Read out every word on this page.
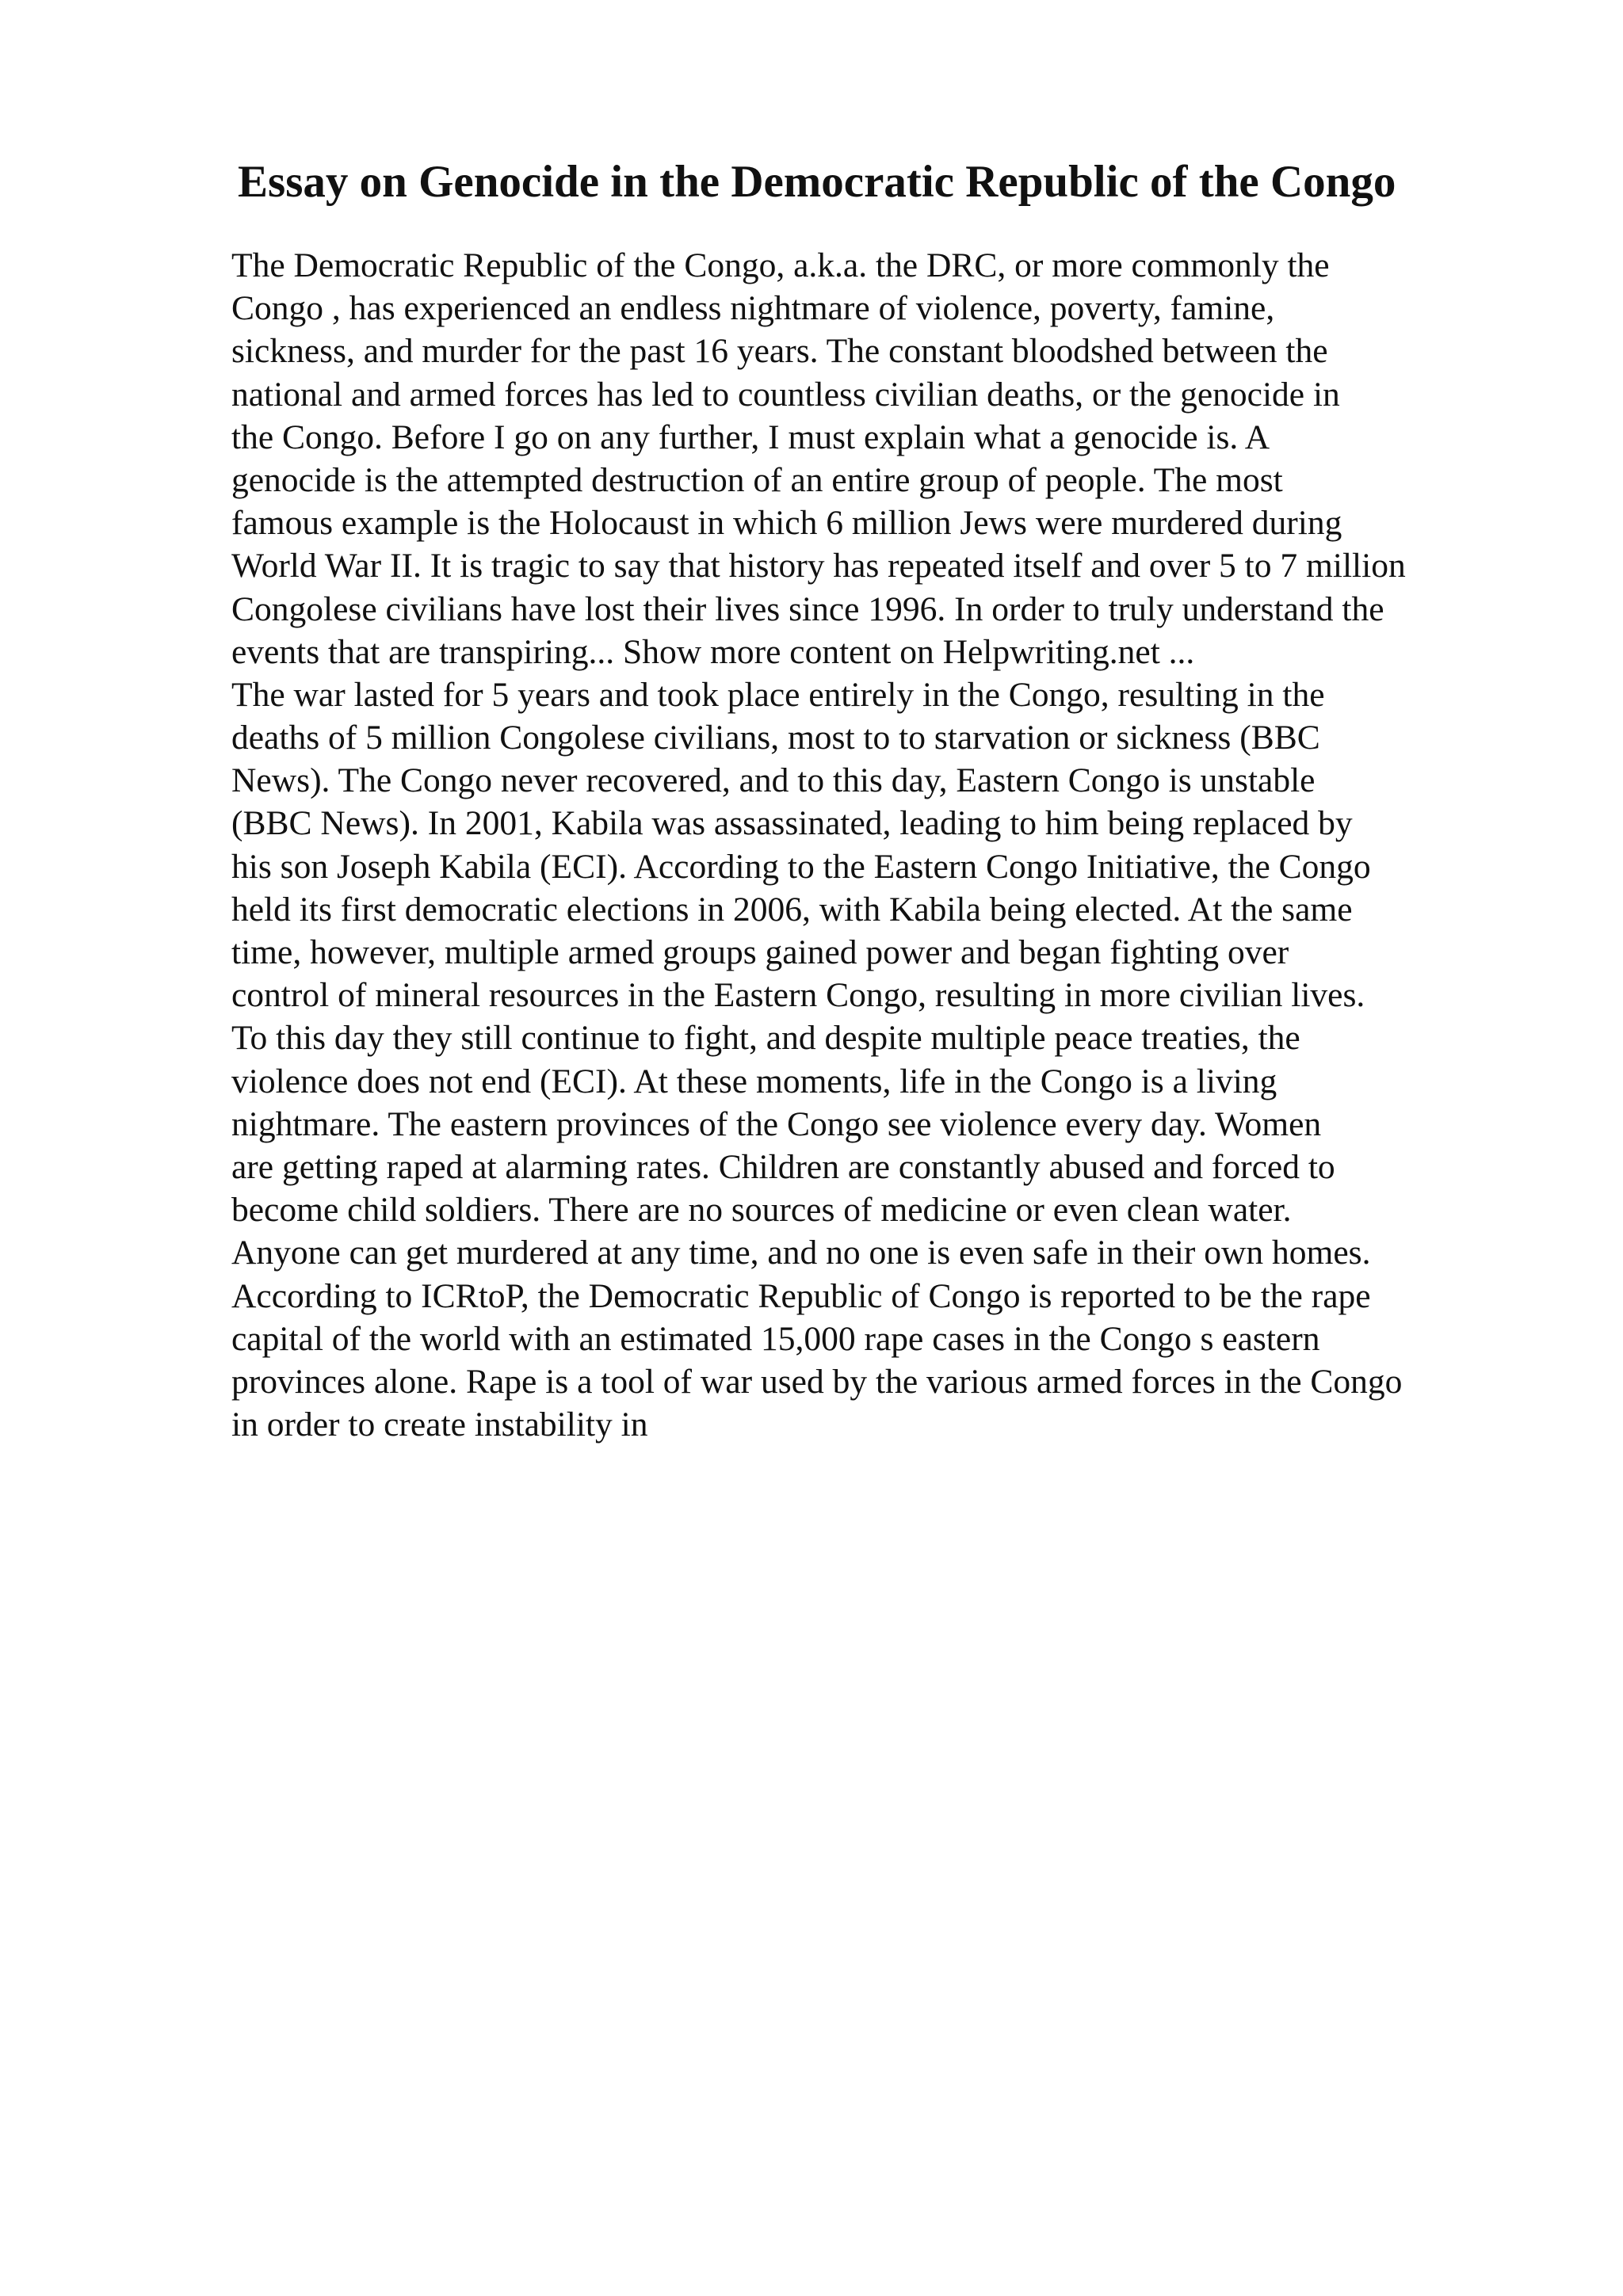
Essay on Genocide in the Democratic Republic of the Congo
The Democratic Republic of the Congo, a.k.a. the DRC, or more commonly the
Congo , has experienced an endless nightmare of violence, poverty, famine,
sickness, and murder for the past 16 years. The constant bloodshed between the
national and armed forces has led to countless civilian deaths, or the genocide in
the Congo. Before I go on any further, I must explain what a genocide is. A
genocide is the attempted destruction of an entire group of people. The most
famous example is the Holocaust in which 6 million Jews were murdered during
World War II. It is tragic to say that history has repeated itself and over 5 to 7 million
Congolese civilians have lost their lives since 1996. In order to truly understand the
events that are transpiring... Show more content on Helpwriting.net ...
The war lasted for 5 years and took place entirely in the Congo, resulting in the
deaths of 5 million Congolese civilians, most to to starvation or sickness (BBC
News). The Congo never recovered, and to this day, Eastern Congo is unstable
(BBC News). In 2001, Kabila was assassinated, leading to him being replaced by
his son Joseph Kabila (ECI). According to the Eastern Congo Initiative, the Congo
held its first democratic elections in 2006, with Kabila being elected. At the same
time, however, multiple armed groups gained power and began fighting over
control of mineral resources in the Eastern Congo, resulting in more civilian lives.
To this day they still continue to fight, and despite multiple peace treaties, the
violence does not end (ECI). At these moments, life in the Congo is a living
nightmare. The eastern provinces of the Congo see violence every day. Women
are getting raped at alarming rates. Children are constantly abused and forced to
become child soldiers. There are no sources of medicine or even clean water.
Anyone can get murdered at any time, and no one is even safe in their own homes.
According to ICRtoP, the Democratic Republic of Congo is reported to be the rape
capital of the world with an estimated 15,000 rape cases in the Congo s eastern
provinces alone. Rape is a tool of war used by the various armed forces in the Congo
in order to create instability in
